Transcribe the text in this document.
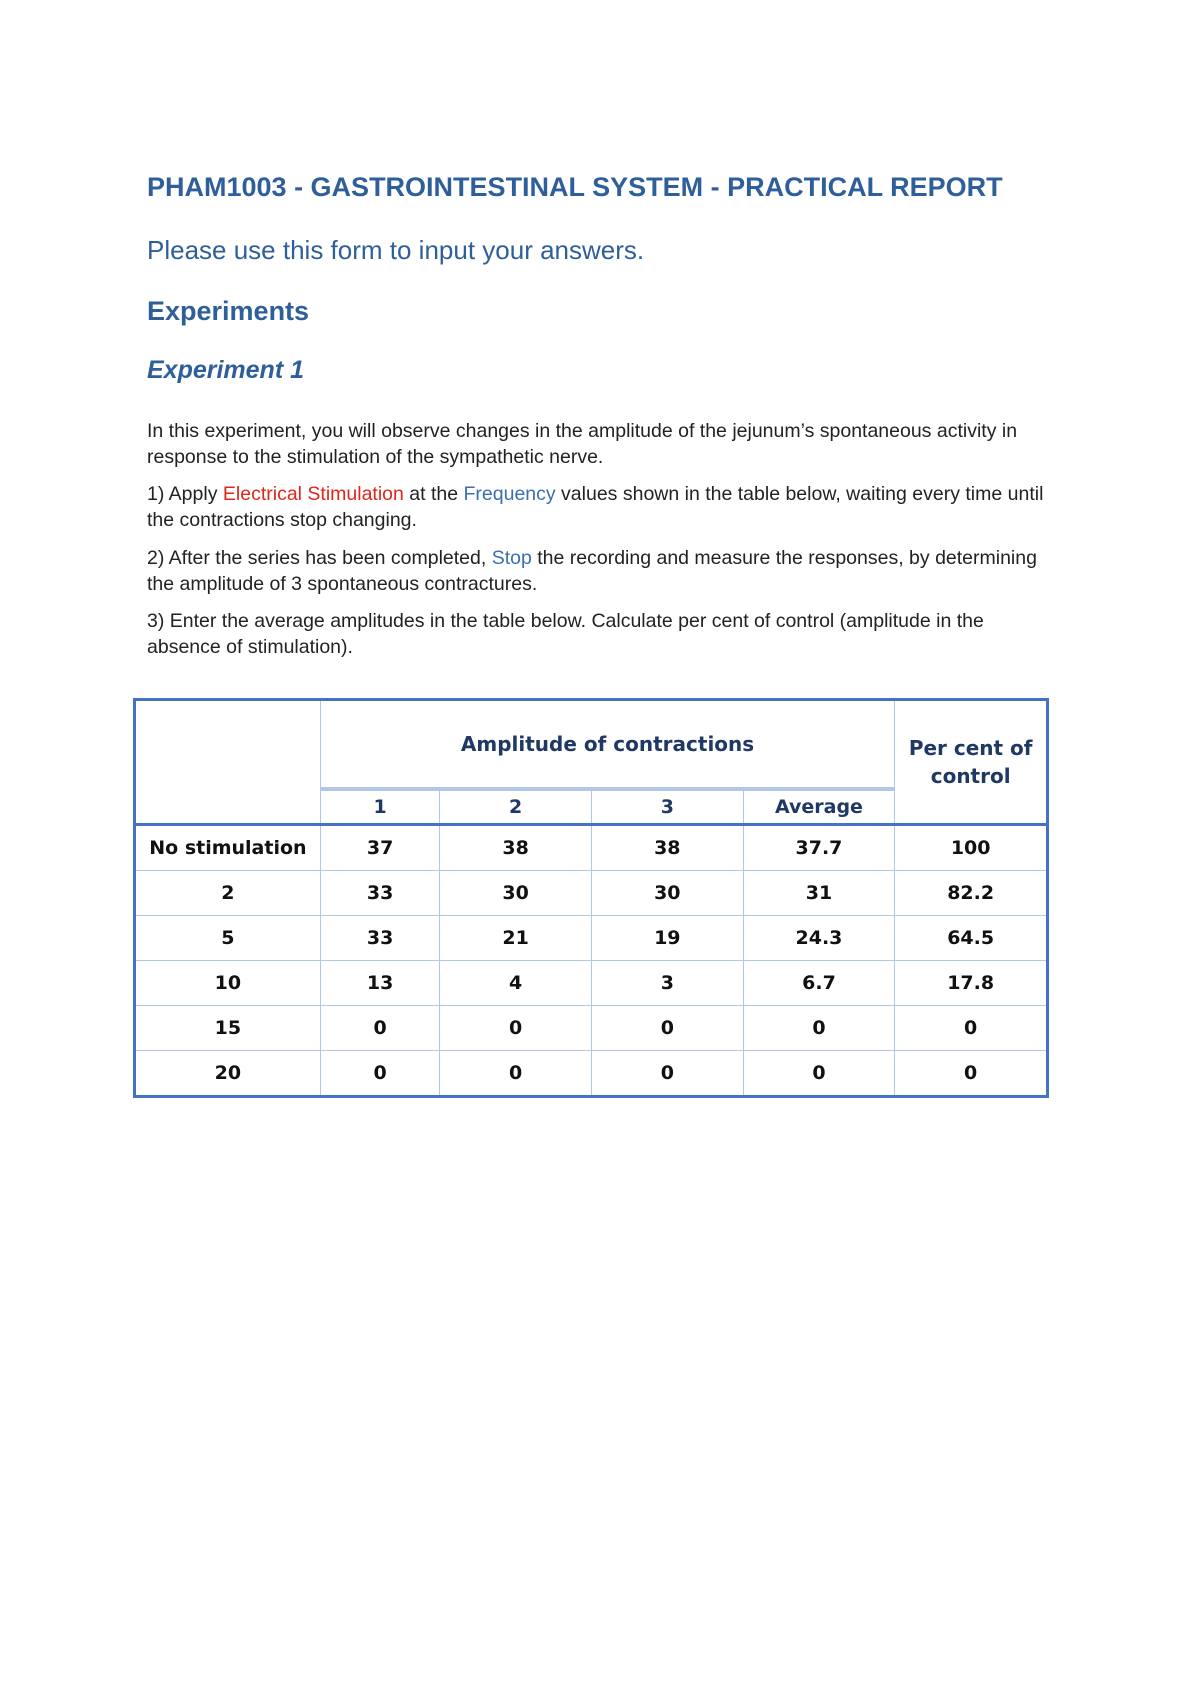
PHAM1003 - GASTROINTESTINAL SYSTEM - PRACTICAL REPORT

Please use this form to input your answers.

Experiments
Experiment 1

In this experiment, you will observe changes in the amplitude of the jejunum’s spontaneous activity in response to the stimulation of the sympathetic nerve.

1) Apply Electrical Stimulation at the Frequency values shown in the table below, waiting every time until the contractions stop changing.

2) After the series has been completed, Stop the recording and measure the responses, by determining the amplitude of 3 spontaneous contractures.

3) Enter the average amplitudes in the table below. Calculate per cent of control (amplitude in the absence of stimulation).

	Amplitude of contractions				Per cent of
control
	1	2	3	Average	
No stimulation	37	38	38	37.7	100
2	33	30	30	31	82.2
5	33	21	19	24.3	64.5
10	13	4	3	6.7	17.8
15	0	0	0	0	0
20	0	0	0	0	0
